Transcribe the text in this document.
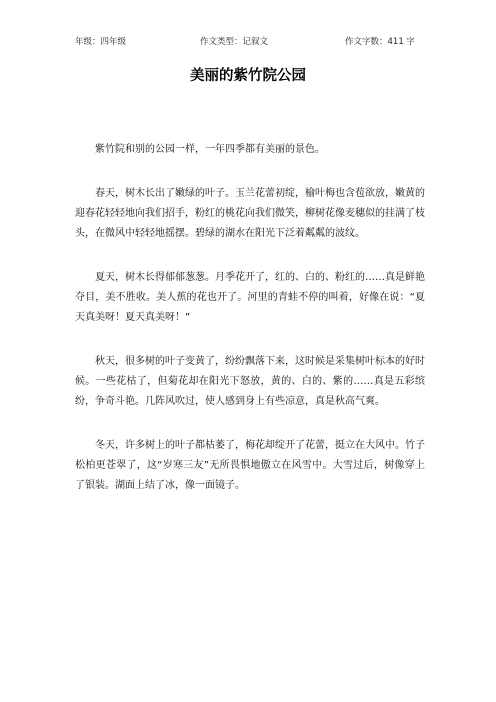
年级：四年级	作文类型：记叙文	作文字数：411 字
美丽的紫竹院公园

紫竹院和别的公园一样，一年四季都有美丽的景色。

春天，树木长出了嫩绿的叶子。玉兰花蕾初绽，榆叶梅也含苞欲放，嫩黄的迎春花轻轻地向我们招手，粉红的桃花向我们微笑，柳树花像麦穗似的挂满了枝头，在微风中轻轻地摇摆。碧绿的湖水在阳光下泛着粼粼的波纹。

夏天，树木长得郁郁葱葱。月季花开了，红的、白的、粉红的……真是鲜艳夺目，美不胜收。美人蕉的花也开了。河里的青蛙不停的叫着，好像在说：“夏天真美呀！夏天真美呀！”

秋天，很多树的叶子变黄了，纷纷飘落下来，这时候是采集树叶标本的好时候。一些花枯了，但菊花却在阳光下怒放，黄的、白的、紫的……真是五彩缤纷，争奇斗艳。几阵风吹过，使人感到身上有些凉意，真是秋高气爽。

冬天，许多树上的叶子都枯萎了，梅花却绽开了花蕾，挺立在大风中。竹子松柏更苍翠了，这“岁寒三友”无所畏惧地傲立在风雪中。大雪过后，树像穿上了银装。湖面上结了冰，像一面镜子。
